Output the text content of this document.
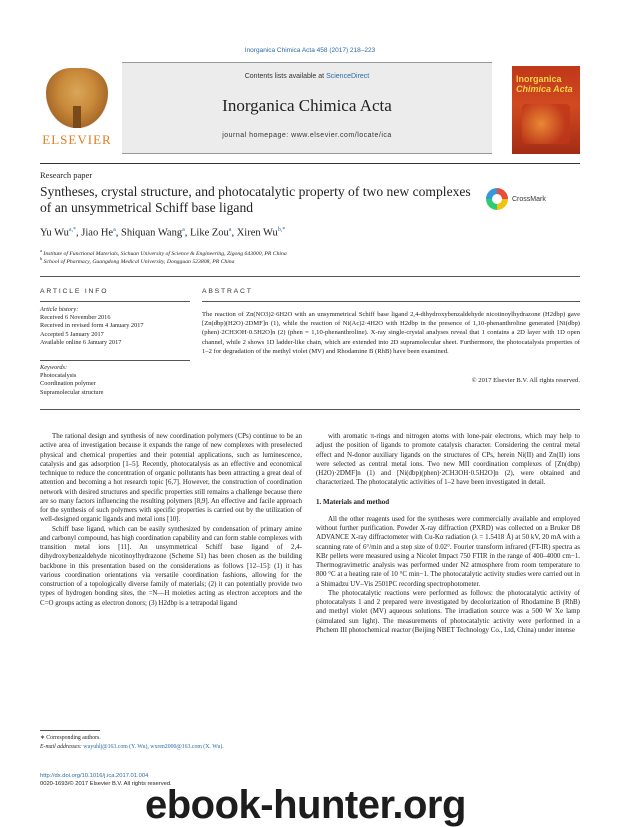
Inorganica Chimica Acta 458 (2017) 218–223
ELSEVIER
Contents lists available at ScienceDirect
Inorganica Chimica Acta
journal homepage: www.elsevier.com/locate/ica
Inorganica
Chimica Acta
Research paper
Syntheses, crystal structure, and photocatalytic property of two new complexes of an unsymmetrical Schiff base ligand
CrossMark
Yu $Wu^{a,*}$, Jiao He$^a$, Shiquan Wang$^a$, Like Zou$^a$, Xiren $Wu^{b,*}$
$^a$ Institute of Functional Materials, Sichuan University of Science & Engineering, Zigong 643000, PR China
$^b$ School of Pharmacy, Guangdong Medical University, Dongguan 523808, PR China
ARTICLE INFO	ABSTRACT
Article history:
Received 6 November 2016
Received in revised form 4 January 2017
Accepted 5 January 2017
Available online 6 January 2017
Keywords:
Photocatalysis
Coordination polymer
Supramolecular structure
The reaction of Zn(NO3)2·6H2O with an unsymmetrical Schiff base ligand 2,4-dihydroxybenzaldehyde nicotinoylhydrazone (H2dbp) gave [Zn(dbp)(H2O)·2DMF]n (1), while the reaction of Ni(Ac)2·4H2O with H2dbp in the presence of 1,10-phenanthroline generated [Ni(dbp)(phen)·2CH3OH·0.5H2O]n (2) (phen = 1,10-phenanthroline). X-ray single-crystal analyses reveal that 1 contains a 2D layer with 1D open channel, while 2 shows 1D ladder-like chain, which are extended into 2D supramolecular sheet. Furthermore, the photocatalysis properties of 1–2 for degradation of the methyl violet (MV) and Rhodamine B (RhB) have been examined.
© 2017 Elsevier B.V. All rights reserved.

The rational design and synthesis of new coordination polymers (CPs) continue to be an active area of investigation because it expands the range of new complexes with preselected physical and chemical properties and their potential applications, such as luminescence, catalysis and gas adsorption [1–5]. Recently, photocatalysis as an effective and economical technique to reduce the concentration of organic pollutants has been attracting a great deal of attention and becoming a hot research topic [6,7]. However, the construction of coordination network with desired structures and specific properties still remains a challenge because there are so many factors influencing the resulting polymers [8,9]. An effective and facile approach for the synthesis of such polymers with specific properties is carried out by the utilization of well-designed organic ligands and metal ions [10].

Schiff base ligand, which can be easily synthesized by condensation of primary amine and carbonyl compound, has high coordination capability and can form stable complexes with transition metal ions [11]. An unsymmetrical Schiff base ligand of 2,4-dihydroxybenzaldehyde nicotinoylhydrazone (Scheme S1) has been chosen as the building backbone in this presentation based on the considerations as follows [12–15]: (1) it has various coordination orientations via versatile coordination fashions, allowing for the construction of a topologically diverse family of materials; (2) it can potentially provide two types of hydrogen bonding sites, the =N—H moieties acting as electron acceptors and the C=O groups acting as electron donors; (3) H2dbp is a tetrapodal ligand

with aromatic π-rings and nitrogen atoms with lone-pair electrons, which may help to adjust the position of ligands to promote catalysis character. Considering the central metal effect and N-donor auxiliary ligands on the structures of CPs, herein Ni(II) and Zn(II) ions were selected as central metal ions. Two new MII coordination complexes of [Zn(dbp)(H2O)·2DMF]n (1) and [Ni(dbp)(phen)·2CH3OH·0.5H2O]n (2), were obtained and characterized. The photocatalytic activities of 1–2 have been investigated in detail.

1. Materials and method

All the other reagents used for the syntheses were commercially available and employed without further purification. Powder X-ray diffraction (PXRD) was collected on a Bruker D8 ADVANCE X-ray diffractometer with Cu-Kα radiation (λ = 1.5418 Å) at 50 kV, 20 mA with a scanning rate of 6°/min and a step size of 0.02°. Fourier transform infrared (FT-IR) spectra as KBr pellets were measured using a Nicolet Impact 750 FTIR in the range of 400–4000 cm−1. Thermogravimetric analysis was performed under N2 atmosphere from room temperature to 800 °C at a heating rate of 10 °C min−1. The photocatalytic activity studies were carried out in a Shimadzu UV–Vis 2501PC recording spectrophotometer.

The photocatalytic reactions were performed as follows: the photocatalytic activity of photocatalysts 1 and 2 prepared were investigated by decolorization of Rhodamine B (RhB) and methyl violet (MV) aqueous solutions. The irradiation source was a 500 W Xe lamp (simulated sun light). The measurements of photocatalytic activity were performed in a Phchem III photochemical reactor (Beijing NBET Technology Co., Ltd, China) under intense

∗ Corresponding authors.
E-mail addresses: wuyuhlj@163.com (Y. Wu), wxren2000@163.com (X. Wu).
http://dx.doi.org/10.1016/j.ica.2017.01.004
0020-1693/© 2017 Elsevier B.V. All rights reserved.
ebook-hunter.org
